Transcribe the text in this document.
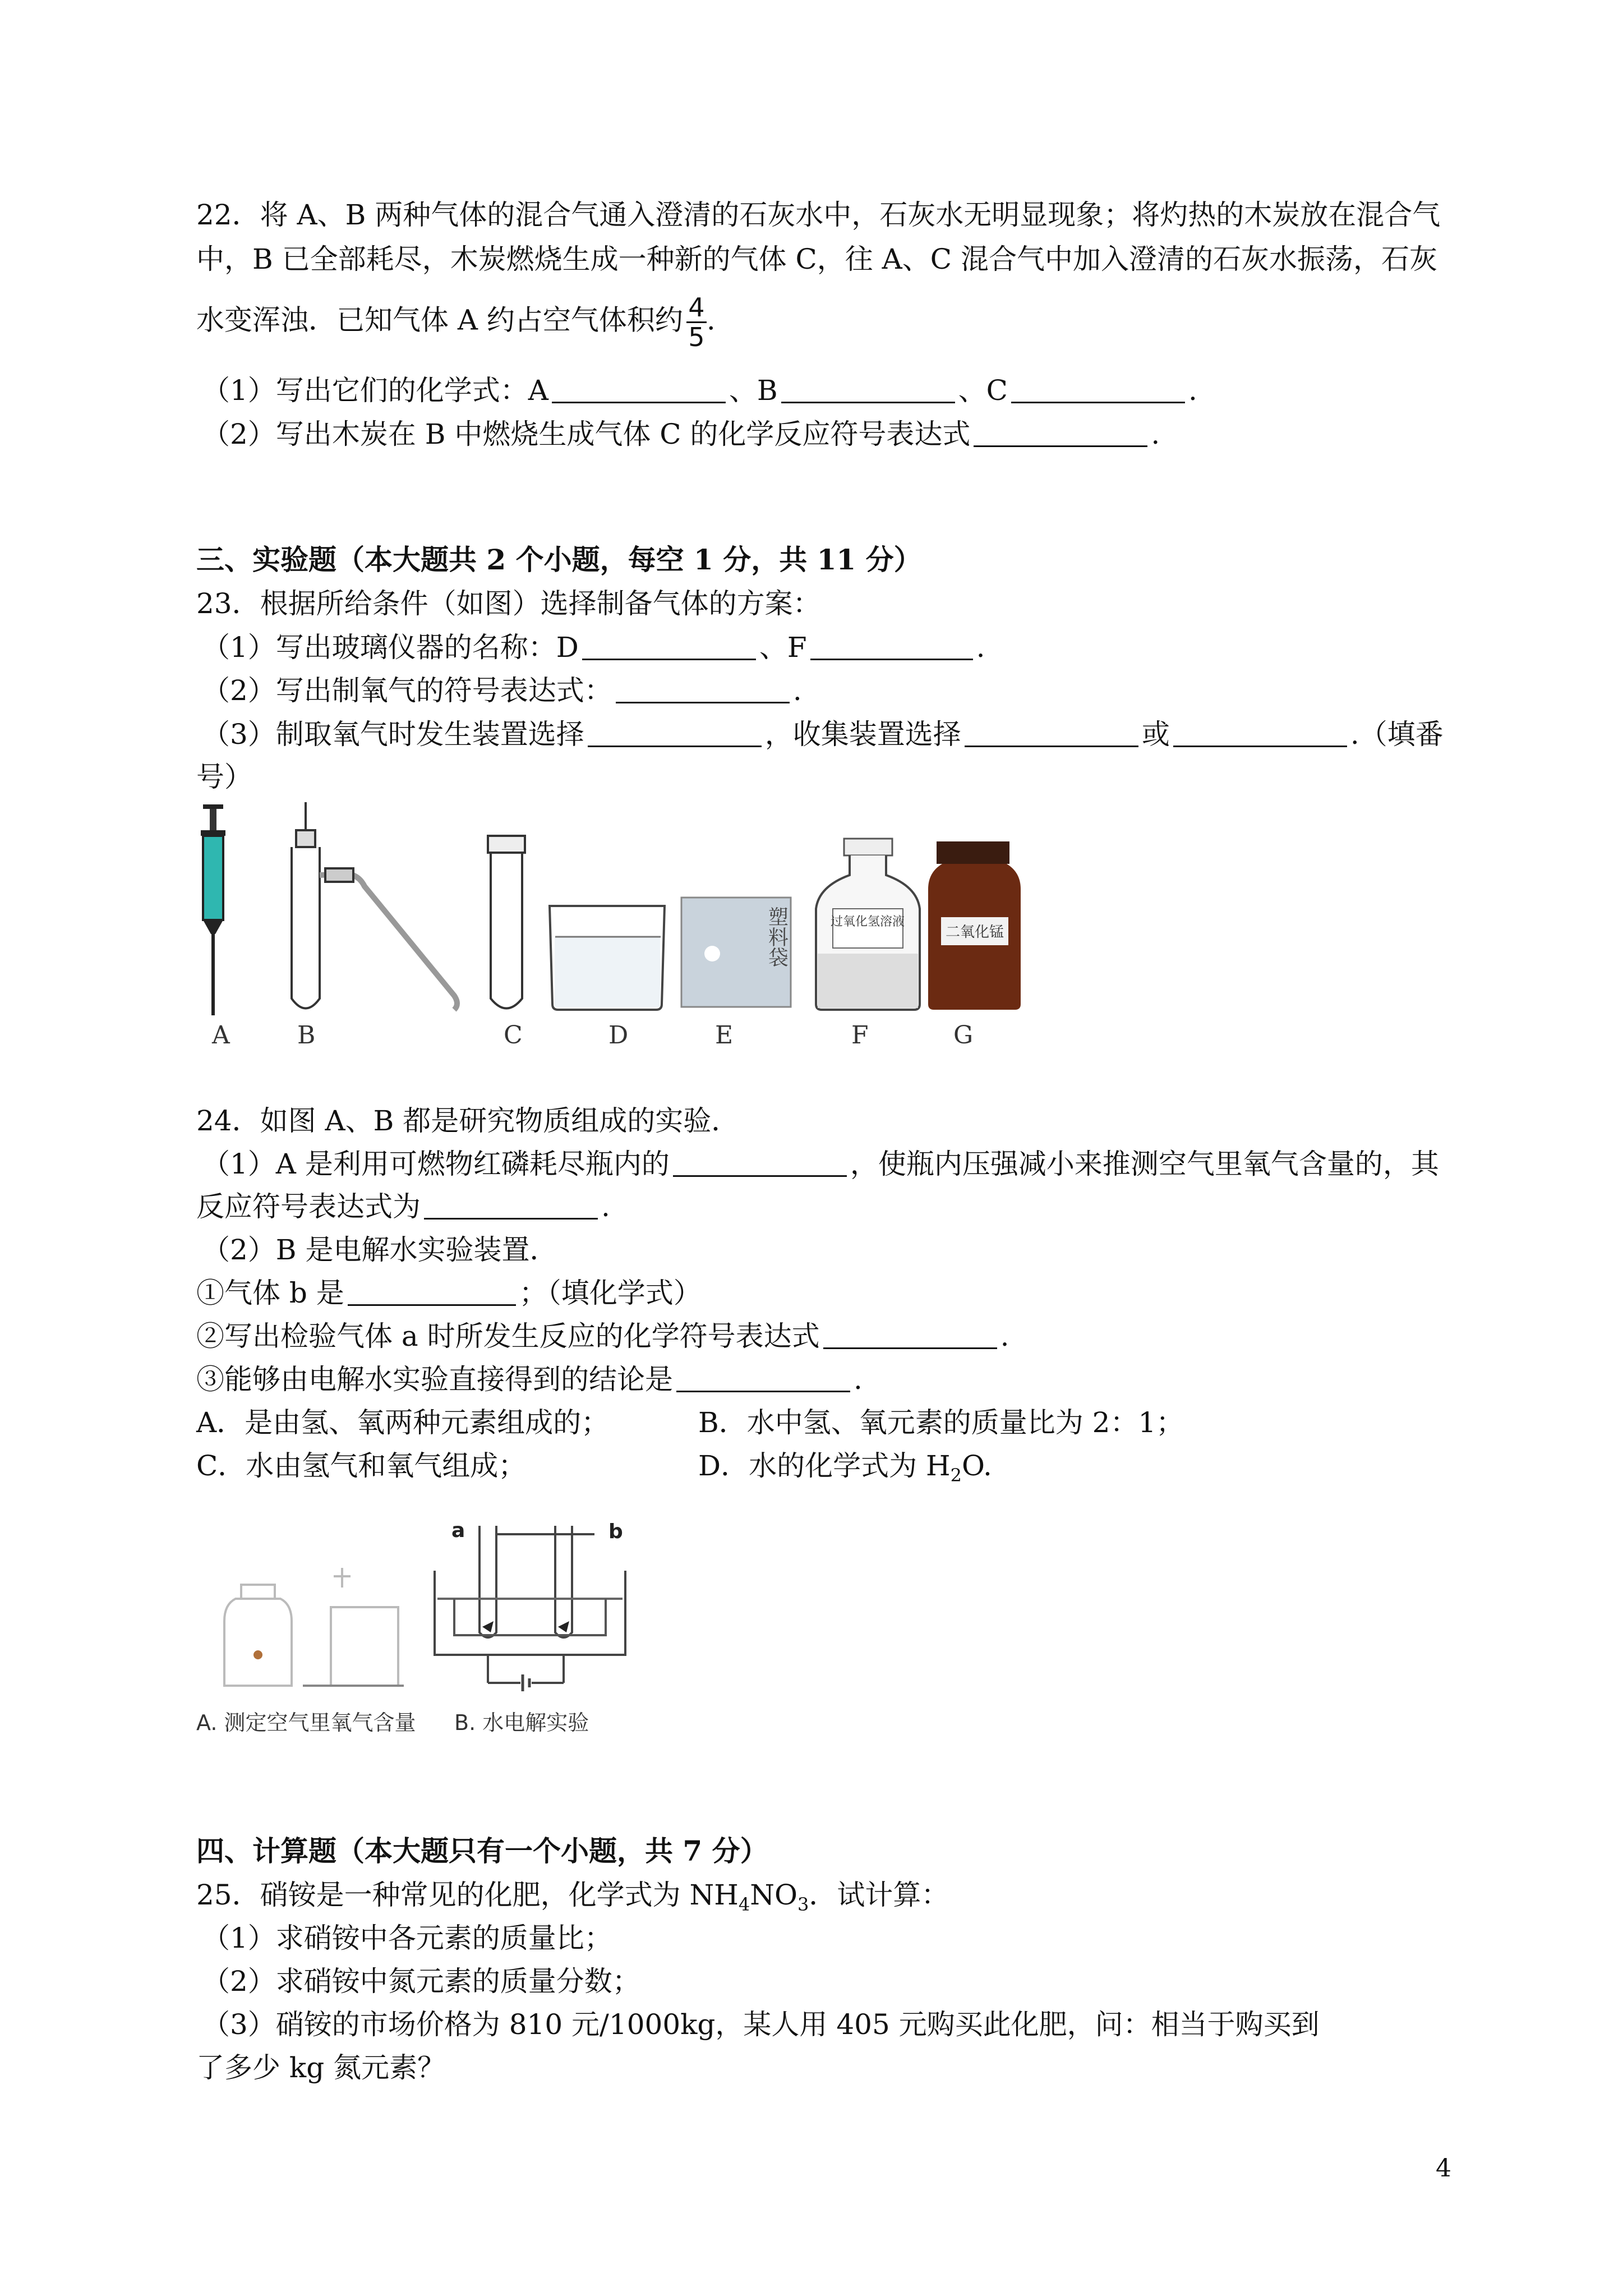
22．将 A、B 两种气体的混合气通入澄清的石灰水中，石灰水无明显现象；将灼热的木炭放在混合气
中，B 已全部耗尽，木炭燃烧生成一种新的气体 C，往 A、C 混合气中加入澄清的石灰水振荡，石灰
水变浑浊．已知气体 A 约占空气体积约 $\frac{4}{5}$ .
（1）写出它们的化学式：A	、B	、C	.
（2）写出木炭在 B 中燃烧生成气体 C 的化学反应符号表达式	.
三、实验题（本大题共 2 个小题，每空 1 分，共 11 分）
23．根据所给条件（如图）选择制备气体的方案：
（1）写出玻璃仪器的名称：D	、F	.
（2）写出制氧气的符号表达式：	.
（3）制取氧气时发生装置选择	，收集装置选择	或	.（填番
号）
塑料袋	过氧化氢溶液
二氧化锰
A	B	C	D	E	F	G
24．如图 A、B 都是研究物质组成的实验．
（1）A 是利用可燃物红磷耗尽瓶内的	，使瓶内压强减小来推测空气里氧气含量的，其
反应符号表达式为	.
（2）B 是电解水实验装置．
①气体 b 是	；（填化学式）
②写出检验气体 a 时所发生反应的化学符号表达式	.
③能够由电解水实验直接得到的结论是	.
A．是由氢、氧两种元素组成的；	B．水中氢、氧元素的质量比为 2：1；
C．水由氢气和氧气组成；	D．水的化学式为 $H_2O$.
a	b
A. 测定空气里氧气含量 B. 水电解实验
四、计算题（本大题只有一个小题，共 7 分）
25．硝铵是一种常见的化肥，化学式为 $NH_4NO_3$．试计算：
（1）求硝铵中各元素的质量比；
（2）求硝铵中氮元素的质量分数；
（3）硝铵的市场价格为 810 元/1000kg，某人用 405 元购买此化肥，问：相当于购买到
了多少 kg 氮元素？
4
